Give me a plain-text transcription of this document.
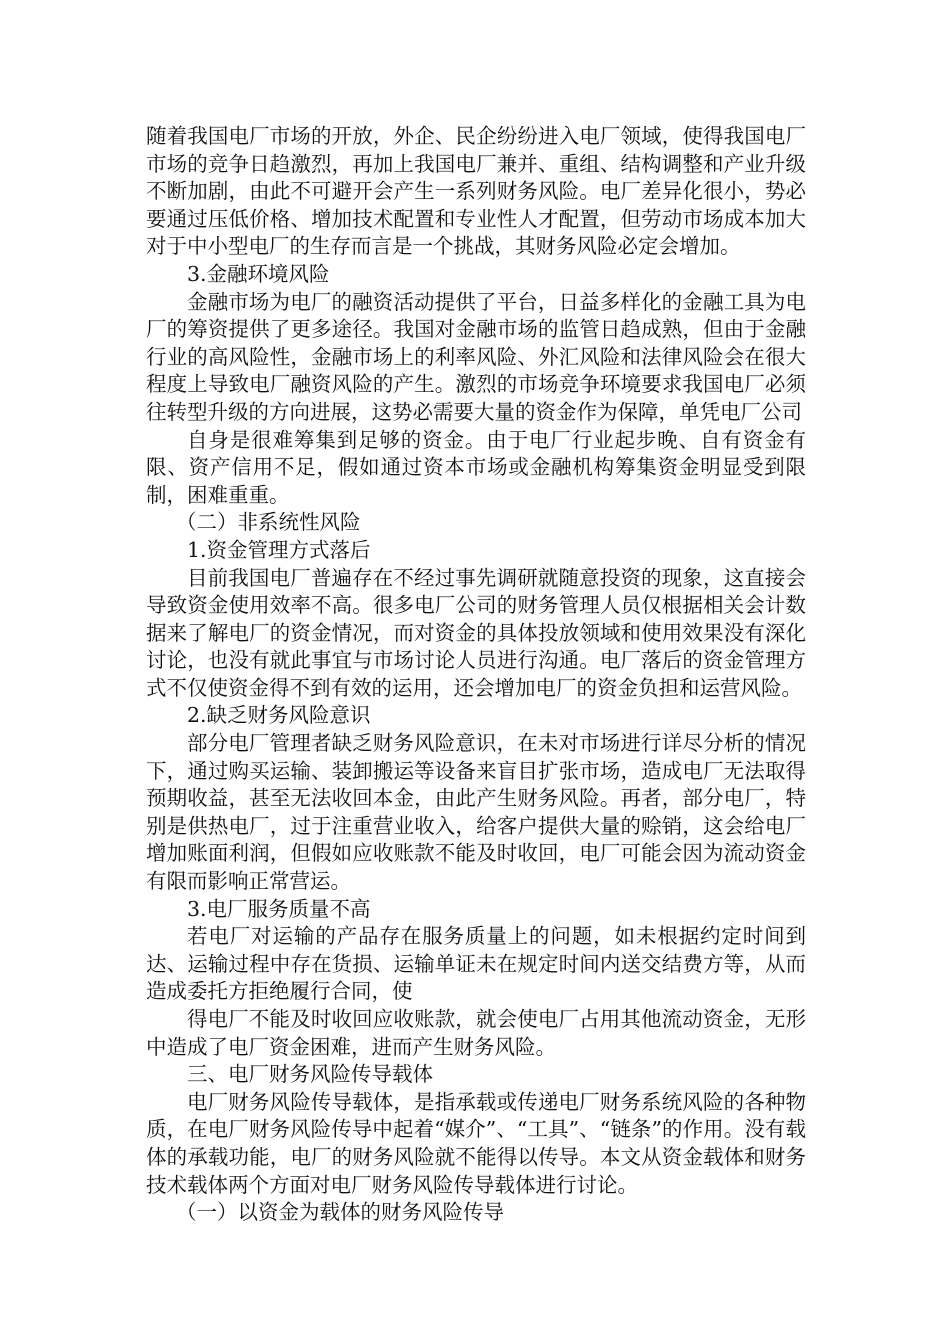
随着我国电厂市场的开放，外企、民企纷纷进入电厂领域，使得我国电厂市场的竞争日趋激烈，再加上我国电厂兼并、重组、结构调整和产业升级不断加剧，由此不可避开会产生一系列财务风险。电厂差异化很小，势必要通过压低价格、增加技术配置和专业性人才配置，但劳动市场成本加大对于中小型电厂的生存而言是一个挑战，其财务风险必定会增加。

3.金融环境风险

金融市场为电厂的融资活动提供了平台，日益多样化的金融工具为电厂的筹资提供了更多途径。我国对金融市场的监管日趋成熟，但由于金融行业的高风险性，金融市场上的利率风险、外汇风险和法律风险会在很大程度上导致电厂融资风险的产生。激烈的市场竞争环境要求我国电厂必须往转型升级的方向进展，这势必需要大量的资金作为保障，单凭电厂公司

自身是很难筹集到足够的资金。由于电厂行业起步晚、自有资金有限、资产信用不足，假如通过资本市场或金融机构筹集资金明显受到限制，困难重重。

（二）非系统性风险

1.资金管理方式落后

目前我国电厂普遍存在不经过事先调研就随意投资的现象，这直接会导致资金使用效率不高。很多电厂公司的财务管理人员仅根据相关会计数据来了解电厂的资金情况，而对资金的具体投放领域和使用效果没有深化讨论，也没有就此事宜与市场讨论人员进行沟通。电厂落后的资金管理方式不仅使资金得不到有效的运用，还会增加电厂的资金负担和运营风险。

2.缺乏财务风险意识

部分电厂管理者缺乏财务风险意识，在未对市场进行详尽分析的情况下，通过购买运输、装卸搬运等设备来盲目扩张市场，造成电厂无法取得预期收益，甚至无法收回本金，由此产生财务风险。再者，部分电厂，特别是供热电厂，过于注重营业收入，给客户提供大量的赊销，这会给电厂增加账面利润，但假如应收账款不能及时收回，电厂可能会因为流动资金有限而影响正常营运。

3.电厂服务质量不高

若电厂对运输的产品存在服务质量上的问题，如未根据约定时间到达、运输过程中存在货损、运输单证未在规定时间内送交结费方等，从而造成委托方拒绝履行合同，使

得电厂不能及时收回应收账款，就会使电厂占用其他流动资金，无形中造成了电厂资金困难，进而产生财务风险。

三、电厂财务风险传导载体

电厂财务风险传导载体，是指承载或传递电厂财务系统风险的各种物质，在电厂财务风险传导中起着“媒介”、“工具”、“链条”的作用。没有载体的承载功能，电厂的财务风险就不能得以传导。本文从资金载体和财务技术载体两个方面对电厂财务风险传导载体进行讨论。

（一）以资金为载体的财务风险传导
